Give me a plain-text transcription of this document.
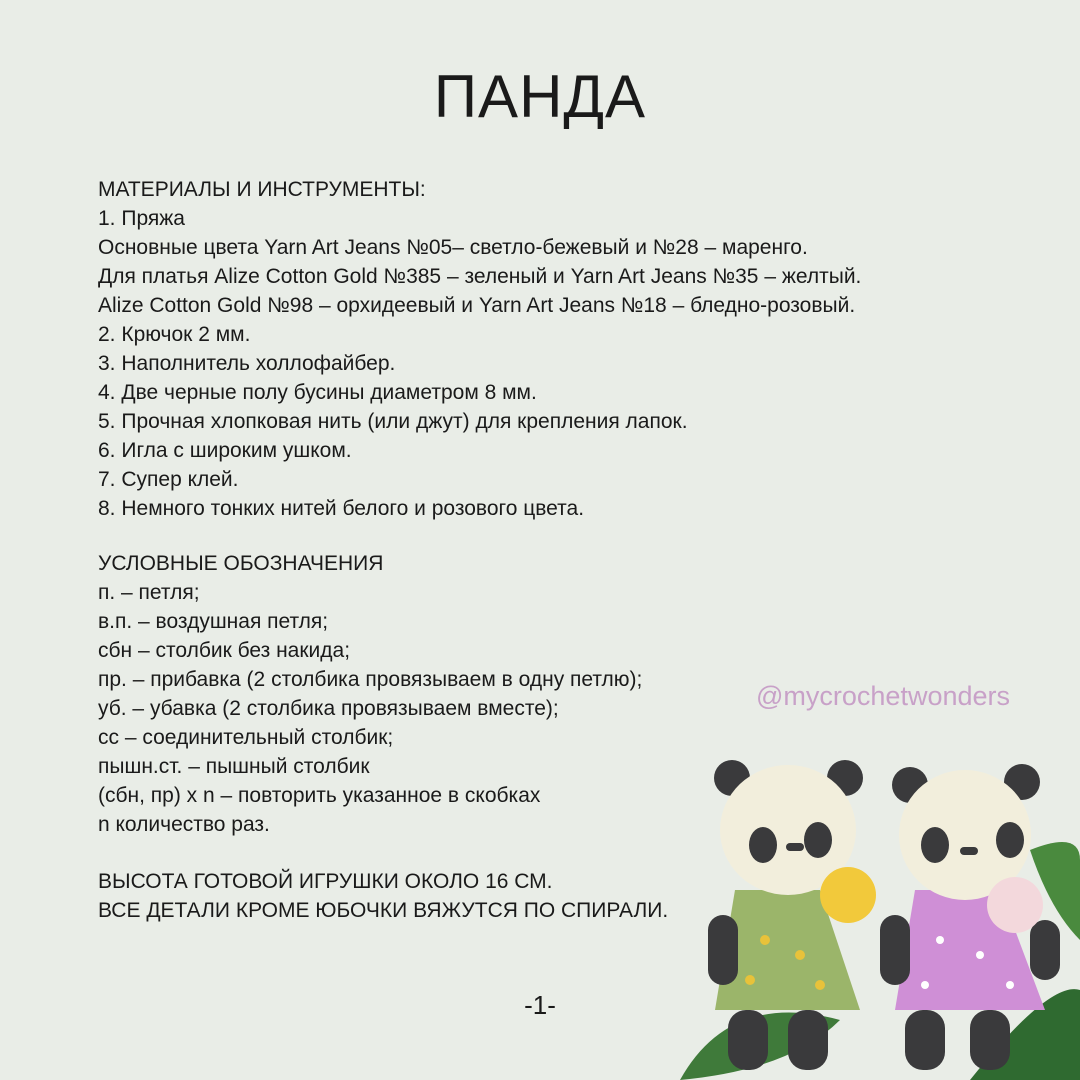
ПАНДА
МАТЕРИАЛЫ И ИНСТРУМЕНТЫ:
1. Пряжа
Основные цвета Yarn Art Jeans №05– светло-бежевый и №28 – маренго.
Для платья Alize Cotton Gold №385 – зеленый и Yarn Art Jeans №35 – желтый.
Alize Cotton Gold №98 – орхидеевый и Yarn Art Jeans №18 – бледно-розовый.
2. Крючок 2 мм.
3. Наполнитель холлофайбер.
4. Две черные полу бусины диаметром 8 мм.
5. Прочная хлопковая нить (или джут) для крепления лапок.
6. Игла с широким ушком.
7. Супер клей.
8. Немного тонких нитей белого и розового цвета.
УСЛОВНЫЕ ОБОЗНАЧЕНИЯ
п. – петля;
в.п. – воздушная петля;
сбн – столбик без накида;
пр. – прибавка (2 столбика провязываем в одну петлю);
уб. – убавка (2 столбика провязываем вместе);
сс – соединительный столбик;
пышн.ст. – пышный столбик
(сбн, пр) х n – повторить указанное в скобках
n количество раз.
ВЫСОТА ГОТОВОЙ ИГРУШКИ ОКОЛО 16 СМ.
ВСЕ ДЕТАЛИ КРОМЕ ЮБОЧКИ ВЯЖУТСЯ ПО СПИРАЛИ.
@mycrochetwonders
-1-
